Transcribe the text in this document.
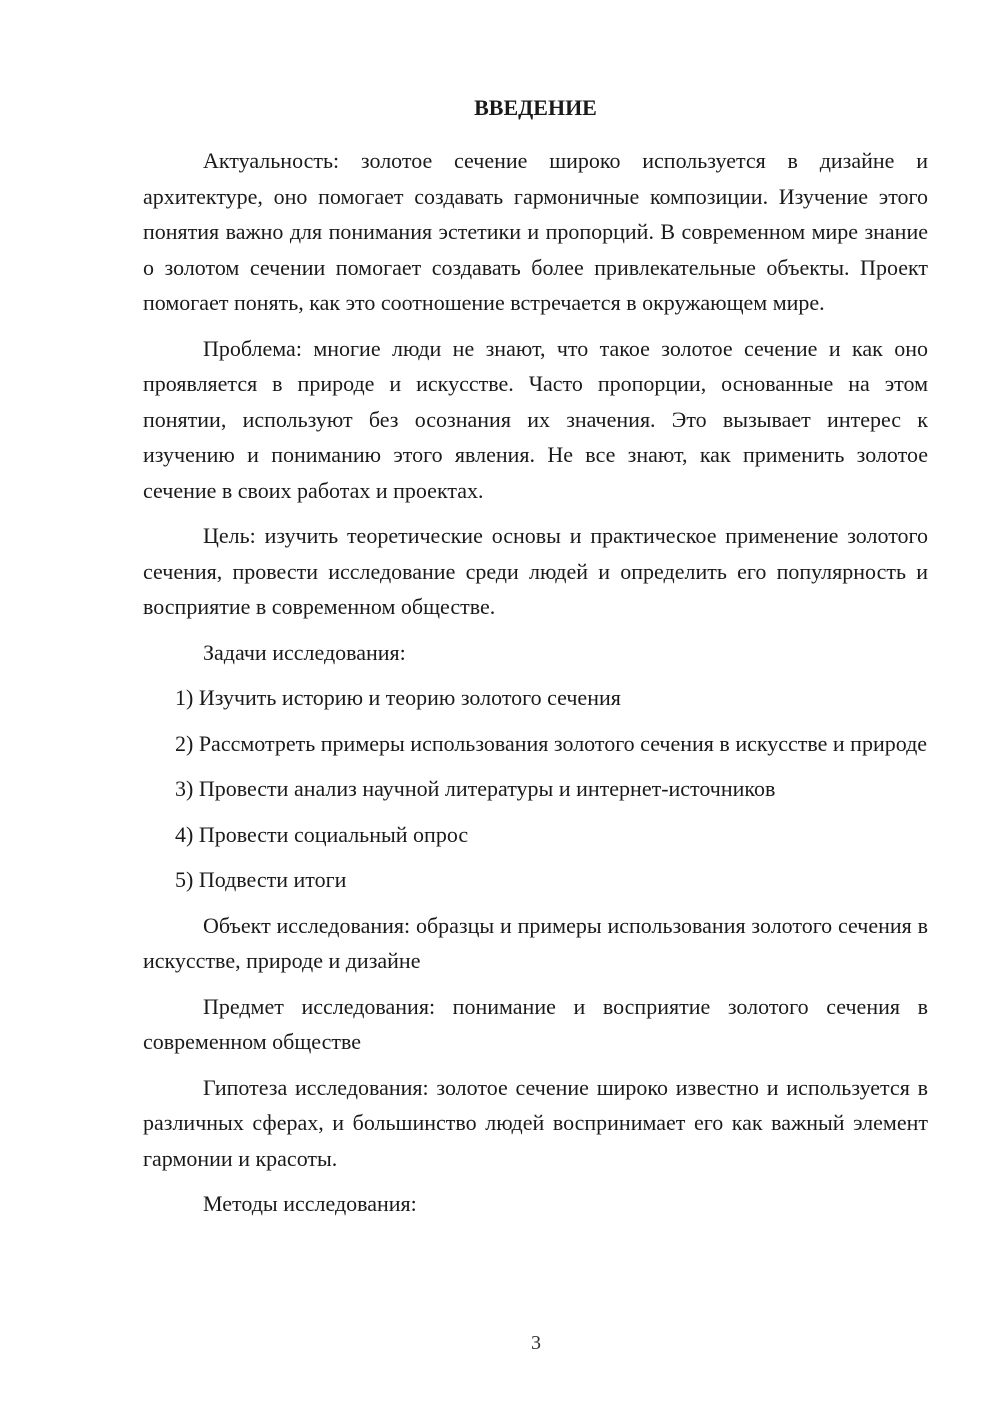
ВВЕДЕНИЕ

Актуальность: золотое сечение широко используется в дизайне и архитектуре, оно помогает создавать гармоничные композиции. Изучение этого понятия важно для понимания эстетики и пропорций. В современном мире знание о золотом сечении помогает создавать более привлекательные объекты. Проект помогает понять, как это соотношение встречается в окружающем мире.

Проблема: многие люди не знают, что такое золотое сечение и как оно проявляется в природе и искусстве. Часто пропорции, основанные на этом понятии, используют без осознания их значения. Это вызывает интерес к изучению и пониманию этого явления. Не все знают, как применить золотое сечение в своих работах и проектах.

Цель: изучить теоретические основы и практическое применение золотого сечения, провести исследование среди людей и определить его популярность и восприятие в современном обществе.

Задачи исследования:

1) Изучить историю и теорию золотого сечения

2) Рассмотреть примеры использования золотого сечения в искусстве и природе

3) Провести анализ научной литературы и интернет-источников

4) Провести социальный опрос

5) Подвести итоги

Объект исследования: образцы и примеры использования золотого сечения в искусстве, природе и дизайне

Предмет исследования: понимание и восприятие золотого сечения в современном обществе

Гипотеза исследования: золотое сечение широко известно и используется в различных сферах, и большинство людей воспринимает его как важный элемент гармонии и красоты.

Методы исследования:

3
